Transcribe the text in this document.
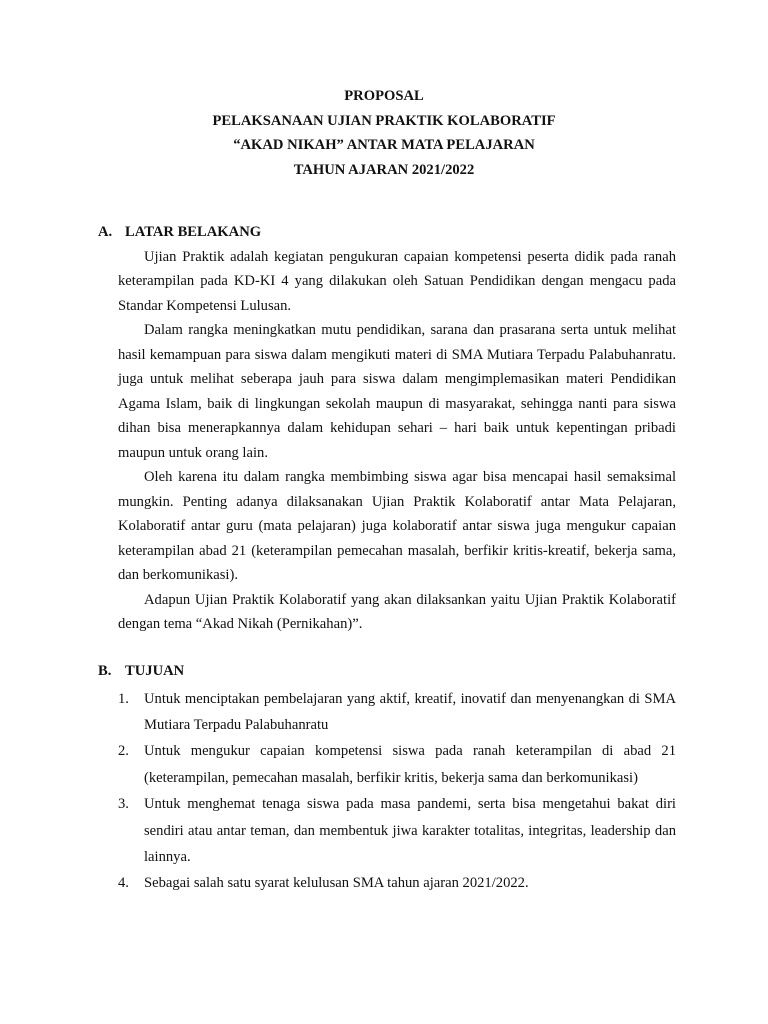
PROPOSAL
PELAKSANAAN UJIAN PRAKTIK KOLABORATIF
“AKAD NIKAH” ANTAR MATA PELAJARAN
TAHUN AJARAN 2021/2022
A. LATAR BELAKANG

Ujian Praktik adalah kegiatan pengukuran capaian kompetensi peserta didik pada ranah keterampilan pada KD-KI 4 yang dilakukan oleh Satuan Pendidikan dengan mengacu pada Standar Kompetensi Lulusan.

Dalam rangka meningkatkan mutu pendidikan, sarana dan prasarana serta untuk melihat hasil kemampuan para siswa dalam mengikuti materi di SMA Mutiara Terpadu Palabuhanratu. juga untuk melihat seberapa jauh para siswa dalam mengimplemasikan materi Pendidikan Agama Islam, baik di lingkungan sekolah maupun di masyarakat, sehingga nanti para siswa dihan bisa menerapkannya dalam kehidupan sehari – hari baik untuk kepentingan pribadi maupun untuk orang lain.

Oleh karena itu dalam rangka membimbing siswa agar bisa mencapai hasil semaksimal mungkin. Penting adanya dilaksanakan Ujian Praktik Kolaboratif antar Mata Pelajaran, Kolaboratif antar guru (mata pelajaran) juga kolaboratif antar siswa juga mengukur capaian keterampilan abad 21 (keterampilan pemecahan masalah, berfikir kritis-kreatif, bekerja sama, dan berkomunikasi).

Adapun Ujian Praktik Kolaboratif yang akan dilaksankan yaitu Ujian Praktik Kolaboratif dengan tema “Akad Nikah (Pernikahan)”.

B. TUJUAN
1.	Untuk menciptakan pembelajaran yang aktif, kreatif, inovatif dan menyenangkan di SMA Mutiara Terpadu Palabuhanratu
2.	Untuk mengukur capaian kompetensi siswa pada ranah keterampilan di abad 21 (keterampilan, pemecahan masalah, berfikir kritis, bekerja sama dan berkomunikasi)
3.	Untuk menghemat tenaga siswa pada masa pandemi, serta bisa mengetahui bakat diri sendiri atau antar teman, dan membentuk jiwa karakter totalitas, integritas, leadership dan lainnya.
4.	Sebagai salah satu syarat kelulusan SMA tahun ajaran 2021/2022.
